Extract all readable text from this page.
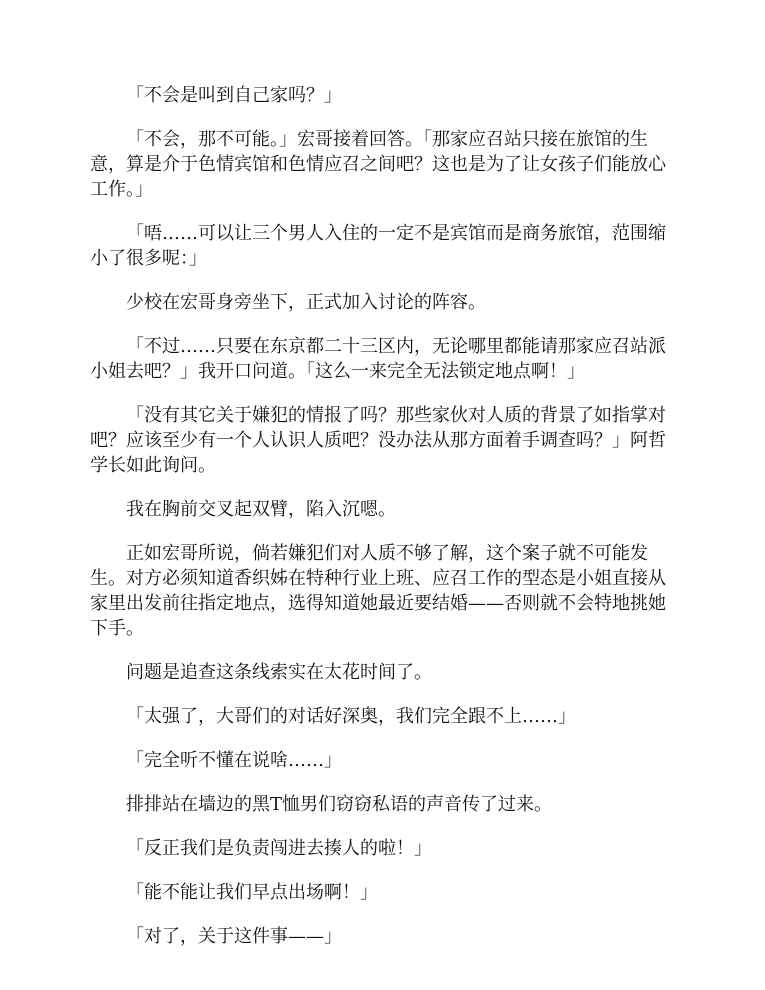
「不会是叫到自己家吗？」

「不会，那不可能。」宏哥接着回答。「那家应召站只接在旅馆的生意，算是介于色情宾馆和色情应召之间吧？这也是为了让女孩子们能放心工作。」

「唔……可以让三个男人入住的一定不是宾馆而是商务旅馆，范围缩小了很多呢：」

少校在宏哥身旁坐下，正式加入讨论的阵容。

「不过……只要在东京都二十三区内，无论哪里都能请那家应召站派小姐去吧？」我开口问道。「这么一来完全无法锁定地点啊！」

「没有其它关于嫌犯的情报了吗？那些家伙对人质的背景了如指掌对吧？应该至少有一个人认识人质吧？没办法从那方面着手调查吗？」阿哲学长如此询问。

我在胸前交叉起双臂，陷入沉嗯。

正如宏哥所说，倘若嫌犯们对人质不够了解，这个案子就不可能发生。对方必须知道香织姊在特种行业上班、应召工作的型态是小姐直接从家里出发前往指定地点，选得知道她最近要结婚——否则就不会特地挑她下手。

问题是追查这条线索实在太花时间了。

「太强了，大哥们的对话好深奥，我们完全跟不上……」

「完全听不懂在说啥……」

排排站在墙边的黑T恤男们窃窃私语的声音传了过来。

「反正我们是负责闯进去揍人的啦！」

「能不能让我们早点出场啊！」

「对了，关于这件事——」
